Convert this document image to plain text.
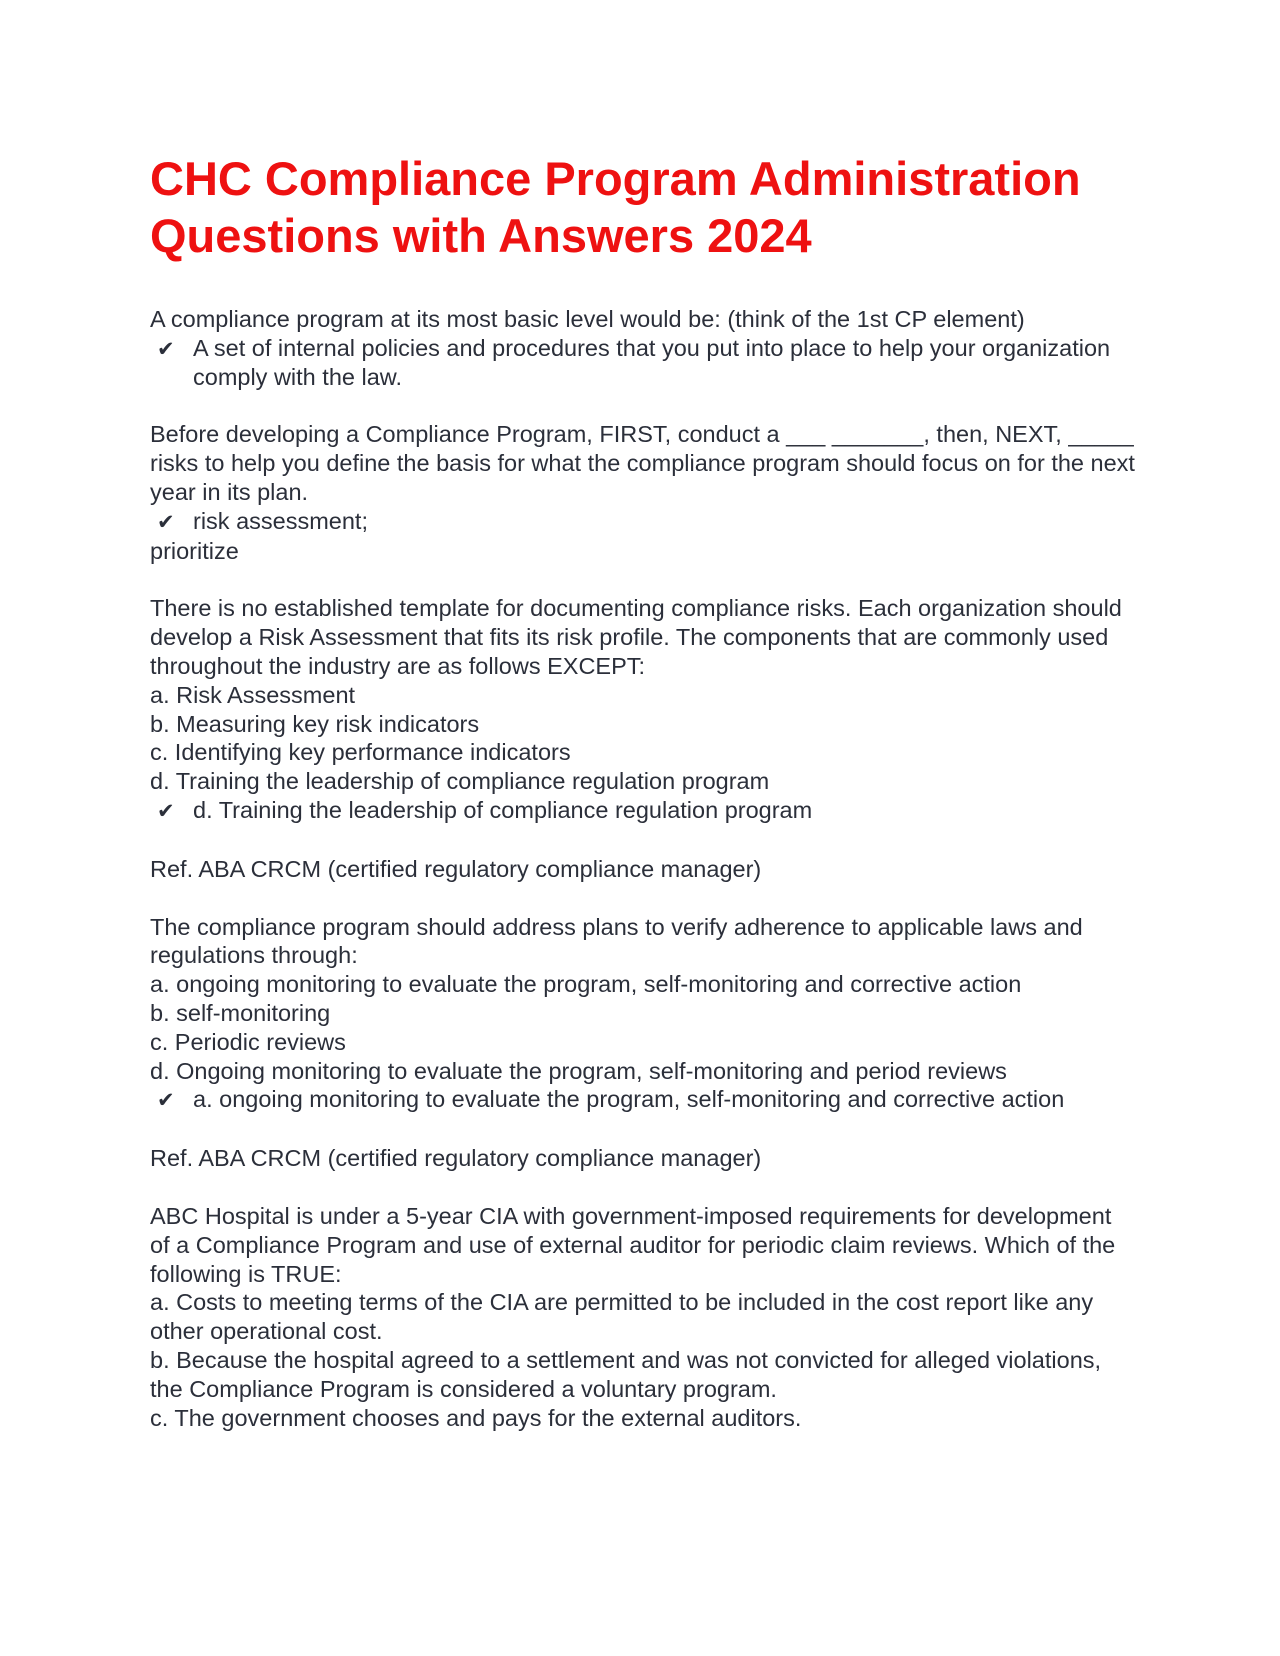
CHC Compliance Program Administration Questions with Answers 2024
A compliance program at its most basic level would be: (think of the 1st CP element)
✔ A set of internal policies and procedures that you put into place to help your organization comply with the law.
Before developing a Compliance Program, FIRST, conduct a ___ _______, then, NEXT, _____ risks to help you define the basis for what the compliance program should focus on for the next year in its plan.
✔ risk assessment;
prioritize
There is no established template for documenting compliance risks. Each organization should develop a Risk Assessment that fits its risk profile. The components that are commonly used throughout the industry are as follows EXCEPT:
a. Risk Assessment
b. Measuring key risk indicators
c. Identifying key performance indicators
d. Training the leadership of compliance regulation program
✔ d. Training the leadership of compliance regulation program
Ref. ABA CRCM (certified regulatory compliance manager)
The compliance program should address plans to verify adherence to applicable laws and regulations through:
a. ongoing monitoring to evaluate the program, self-monitoring and corrective action
b. self-monitoring
c. Periodic reviews
d. Ongoing monitoring to evaluate the program, self-monitoring and period reviews
✔ a. ongoing monitoring to evaluate the program, self-monitoring and corrective action
Ref. ABA CRCM (certified regulatory compliance manager)
ABC Hospital is under a 5-year CIA with government-imposed requirements for development of a Compliance Program and use of external auditor for periodic claim reviews. Which of the following is TRUE:
a. Costs to meeting terms of the CIA are permitted to be included in the cost report like any other operational cost.
b. Because the hospital agreed to a settlement and was not convicted for alleged violations, the Compliance Program is considered a voluntary program.
c. The government chooses and pays for the external auditors.
